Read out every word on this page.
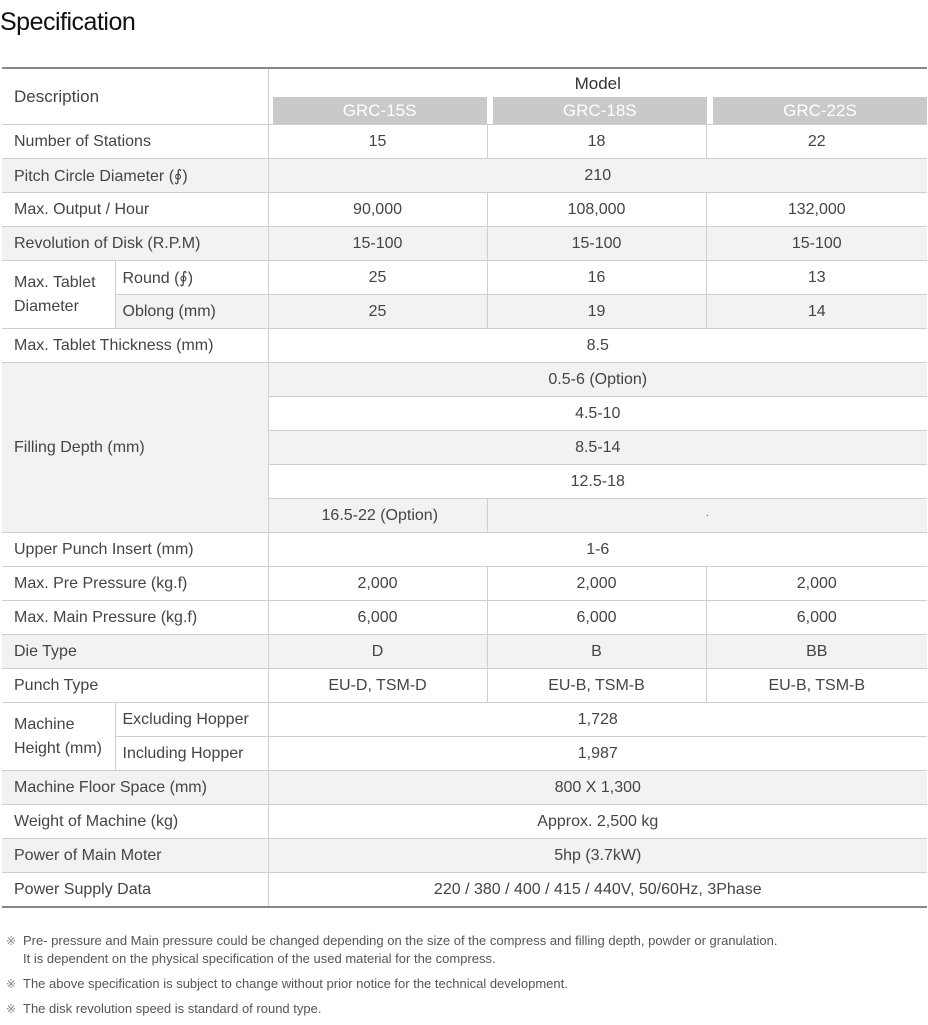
Specification
Description		Model
GRC-15S GRC-18S GRC-22S		

Number of Stations		15	18	22
Pitch Circle Diameter (∮)		210		
Max. Output / Hour		90,000	108,000	132,000
Revolution of Disk (R.P.M)		15-100	15-100	15-100
Max. Tablet Diameter	Round (∮)	25	16	13
	Oblong (mm)	25	19	14
Max. Tablet Thickness (mm)		8.5		
Filling Depth (mm)		0.5-6 (Option)		
		4.5-10		
		8.5-14		
		12.5-18		
		16.5-22 (Option)	·	
Upper Punch Insert (mm)		1-6		
Max. Pre Pressure (kg.f)		2,000	2,000	2,000
Max. Main Pressure (kg.f)		6,000	6,000	6,000
Die Type		D	B	BB
Punch Type		EU-D, TSM-D	EU-B, TSM-B	EU-B, TSM-B
Machine Height (mm)	Excluding Hopper	1,728		
	Including Hopper	1,987		
Machine Floor Space (mm)		800 X 1,300		
Weight of Machine (kg)		Approx. 2,500 kg		
Power of Main Moter		5hp (3.7kW)		
Power Supply Data		220 / 380 / 400 / 415 / 440V, 50/60Hz, 3Phase		
※ Pre- pressure and Main pressure could be changed depending on the size of the compress and filling depth, powder or granulation.
It is dependent on the physical specification of the used material for the compress.
※ The above specification is subject to change without prior notice for the technical development.
※ The disk revolution speed is standard of round type.
